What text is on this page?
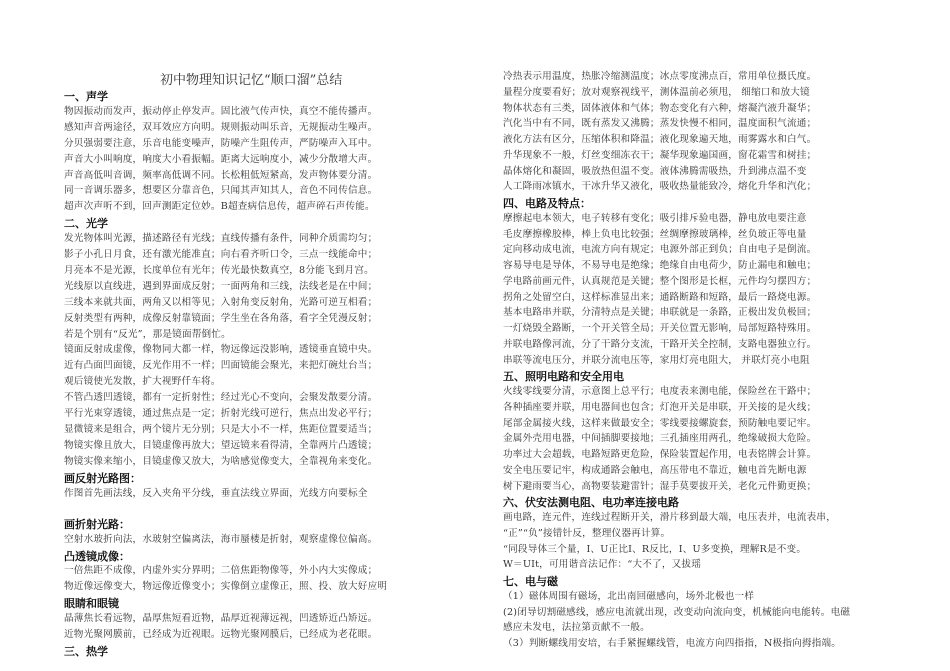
初中物理知识记忆“顺口溜”总结
一、声学
物因振动而发声，振动停止停发声。固比液气传声快，真空不能传播声。
感知声音两途径，双耳效应方向明。规则振动叫乐音，无规振动生噪声。
分贝强弱要注意，乐音电能变噪声，防噪产生阻传声，严防噪声入耳中。
声音大小叫响度，响度大小看振幅。距离大远响度小，减少分散增大声。
声音高低叫音调，频率高低调不同。长松粗低短紧高，发声物体要分清。
同一音调乐器多，想要区分靠音色，只闻其声知其人，音色不同传信息。
超声次声听不到，回声测距定位妙。B超查病信息传，超声碎石声传能。
二、光学
发光物体叫光源，描述路径有光线；直线传播有条件，同种介质需均匀；
影子小孔日月食，还有激光能准直；向右看齐听口令，三点一线能命中；
月亮本不是光源，长度单位有光年；传光最快数真空，8分能飞到月宫。
光线原以直线进，遇到界面成反射；一面两角和三线，法线老是在中间；
三线本来就共面，两角又以相等见；入射角变反射角，光路可逆互相看；
反射类型有两种，成像反射靠镜面；学生坐在各角落，看字全凭漫反射；
若是个别有“反光”，那是镜面帮倒忙。
镜面反射成虚像，像物同大都一样，物远像远没影响，透镜垂直镜中央。
近有凸面凹面镜，反光作用不一样；凹面镜能会聚光，来把灯碗灶台当；
观后镜使光发散，扩大视野仟车将。
不管凸透凹透镜，都有一定折射性；经过光心不变向，会聚发散要分清。
平行光束穿透镜，通过焦点是一定；折射光线可逆行，焦点出发必平行；
显微镜来是组合，两个镜片无分别；只是大小不一样，焦距位置要适当；
物镜实像且放大，目镜虚像再放大；望远镜来看得清，全靠两片凸透镜；
物镜实像来缩小，目镜虚像又放大，为啥感觉像变大，全靠视角来变化。
画反射光路图：
作图首先画法线，反入夹角平分线，垂直法线立界面，光线方向要标全
画折射光路：
空射水玻折向法，水玻射空偏离法，海市蜃楼是折射，观察虚像位偏高。
凸透镜成像：
一倍焦距不成像，内虚外实分界明；二倍焦距物像等，外小内大实像成；
物近像远像变大，物远像近像变小；实像倒立虚像正，照、投、放大好应明
眼睛和眼镜
晶薄焦长看远物，晶厚焦短看近物，晶厚近视薄远视，凹透矫近凸矫远。
近物光聚网膜前，已经成为近视眼。远物光聚网膜后，已经成为老花眼。
三、热学
冷热表示用温度，热胀冷缩测温度；冰点零度沸点百，常用单位摄氏度。
量程分度要看好；放对观察视线平，测体温前必须甩， 细缩口和放大镜
物体状态有三类，固体液体和气体；物态变化有六种，熔凝汽液升凝华；
汽化当中有不同，既有蒸发又沸腾；蒸发快慢不相同，温度面积气流通；
液化方法有区分，压缩体积和降温；液化现象遍天地，雨雾露水和白气。
升华现象不一般，灯丝变细冻衣干；凝华现象遍国画，窗花霜雪和树挂；
晶体熔化和凝固，吸放热但温不变。液体沸腾需吸热，升到沸点温不变
人工降雨冰镇水，干冰升华又液化，吸收热量能致冷，熔化升华和汽化；
四、电路及特点：
摩擦起电本领大，电子转移有变化；吸引排斥验电器，静电放电要注意
毛皮摩擦橡胶棒，棒上负电比较强；丝绸摩擦玻璃棒，丝负玻正等电量
定向移动成电流，电流方向有规定；电源外部正到负；自由电子是倒流。
容易导电是导体，不易导电是绝缘；绝缘自由电荷少，防止漏电和触电；
学电路前画元件，认真规范是关键；整个图形是长框，元件均匀摆四方；
拐角之处留空白，这样标准显出来；通路断路和短路，最后一路烧电源。
基本电路串并联，分清特点是关键；串联就是一条路，正极出发负极回；
一灯烧毁全路断，一个开关管全局；开关位置无影响，局部短路特殊用。
并联电路像河流，分了干路分支流，干路开关全控制，支路电器独立行。
串联等流电压分，并联分流电压等，家用灯亮电阻大， 并联灯亮小电阻
五、照明电路和安全用电
火线零线要分清，示意图上总平行；电度表来测电能，保险丝在干路中；
各种插座要并联，用电器间也包含；灯泡开关是串联，开关接的是火线；
尾部金属接火线，这样来做最安全；零线要接螺旋套，预防触电要记牢。
金属外壳用电器，中间插脚要接地；三孔插座用两孔，绝缘破损大危险。
功率过大会超载，电路短路更危险，保险装置起作用，电表铭牌会计算。
安全电压要记牢，构成通路会触电，高压带电不靠近，触电首先断电源
树下避雨要当心，高物要装避雷针；湿手莫要拔开关，老化元件勤更换；
六、伏安法测电阻、电功率连接电路
画电路，连元件，连线过程断开关，滑片移到最大端，电压表并，电流表串，
“正”“负”接错针反，整理仪器再计算。
“同段导体三个量，I、U正比I、R反比，I、U多变换，理解R是不变。
W＝UIt，可用谐音法记作：“大不了，又拔瑶
七、电与磁
（1）磁体周围有磁场，北出南回磁感向，场外北极也一样
(2)闭导切割磁感线，感应电流就出现，改变动向流向变，机械能向电能转。电磁
感应未发电，法拉第贡献不一般。
（3）判断螺线用安培，右手紧握螺线管，电流方向四指指，N极指向拇指端。
